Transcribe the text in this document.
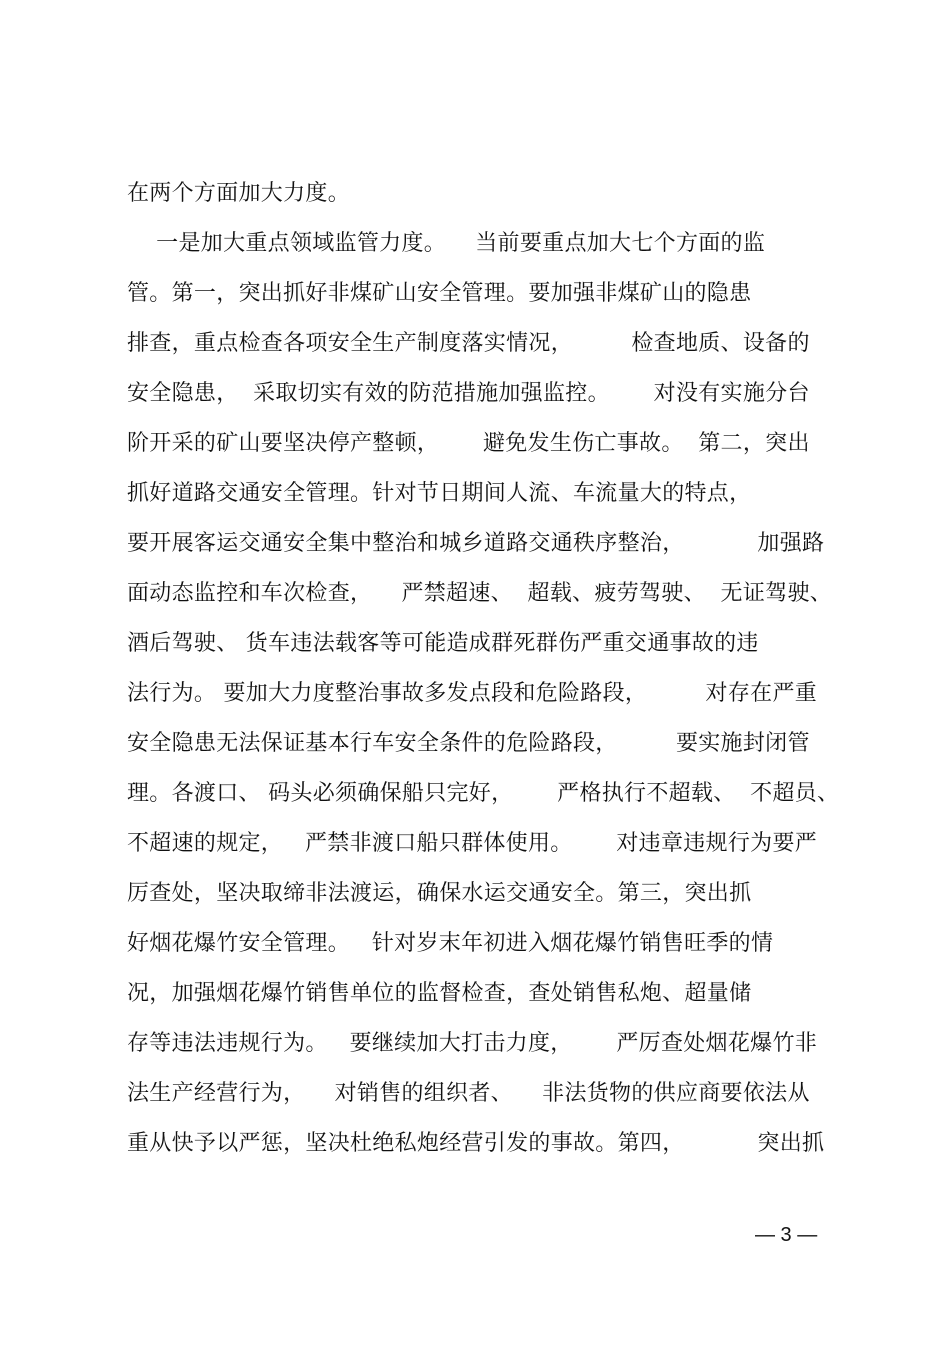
在两个方面加大力度。
一是加大重点领域监管力度。    当前要重点加大七个方面的监
管。第一，突出抓好非煤矿山安全管理。要加强非煤矿山的隐患
排查，重点检查各项安全生产制度落实情况，        检查地质、设备的
安全隐患，  采取切实有效的防范措施加强监控。      对没有实施分台
阶开采的矿山要坚决停产整顿，      避免发生伤亡事故。  第二，突出
抓好道路交通安全管理。针对节日期间人流、车流量大的特点，
要开展客运交通安全集中整治和城乡道路交通秩序整治，          加强路
面动态监控和车次检查，    严禁超速、  超载、疲劳驾驶、  无证驾驶、
酒后驾驶、 货车违法载客等可能造成群死群伤严重交通事故的违
法行为。 要加大力度整治事故多发点段和危险路段，        对存在严重
安全隐患无法保证基本行车安全条件的危险路段，        要实施封闭管
理。各渡口、 码头必须确保船只完好，      严格执行不超载、  不超员、
不超速的规定，   严禁非渡口船只群体使用。      对违章违规行为要严
厉查处，坚决取缔非法渡运，确保水运交通安全。第三，突出抓
好烟花爆竹安全管理。   针对岁末年初进入烟花爆竹销售旺季的情
况，加强烟花爆竹销售单位的监督检查，查处销售私炮、超量储
存等违法违规行为。   要继续加大打击力度，      严厉查处烟花爆竹非
法生产经营行为，    对销售的组织者、    非法货物的供应商要依法从
重从快予以严惩，坚决杜绝私炮经营引发的事故。第四，          突出抓
— 3 —
